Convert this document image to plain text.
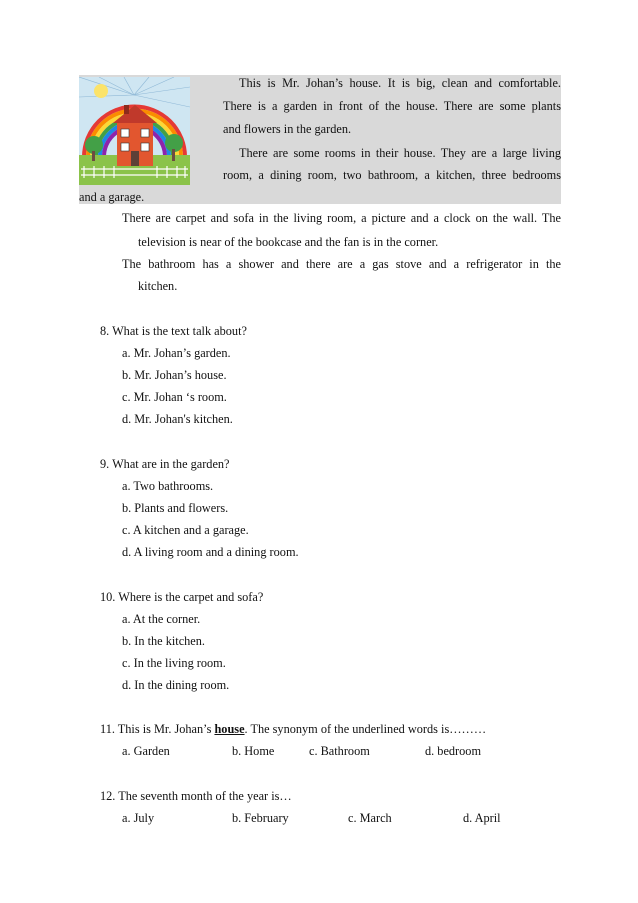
This is Mr. Johan’s house. It is big, clean and comfortable.
There is a garden in front of the house. There are some plants
and flowers in the garden.
There are some rooms in their house. They are a large living
room, a dining room, two bathroom, a kitchen, three bedrooms
and a garage.
There are carpet and sofa in the living room, a picture and a clock on the wall. The
television is near of the bookcase and the fan is in the corner.
The bathroom has a shower and there are a gas stove and a refrigerator in the
kitchen.
8. What is the text talk about?
a. Mr. Johan’s garden.
b. Mr. Johan’s house.
c. Mr. Johan ‘s room.
d. Mr. Johan's kitchen.
9. What are in the garden?
a. Two bathrooms.
b. Plants and flowers.
c. A kitchen and a garage.
d. A living room and a dining room.
10. Where is the carpet and sofa?
a. At the corner.
b. In the kitchen.
c. In the living room.
d. In the dining room.
11. This is Mr. Johan’s house. The synonym of the underlined words is………
a. Garden	b. Home	c. Bathroom	d. bedroom
12. The seventh month of the year is…
a. July	b. February	c. March	d. April
